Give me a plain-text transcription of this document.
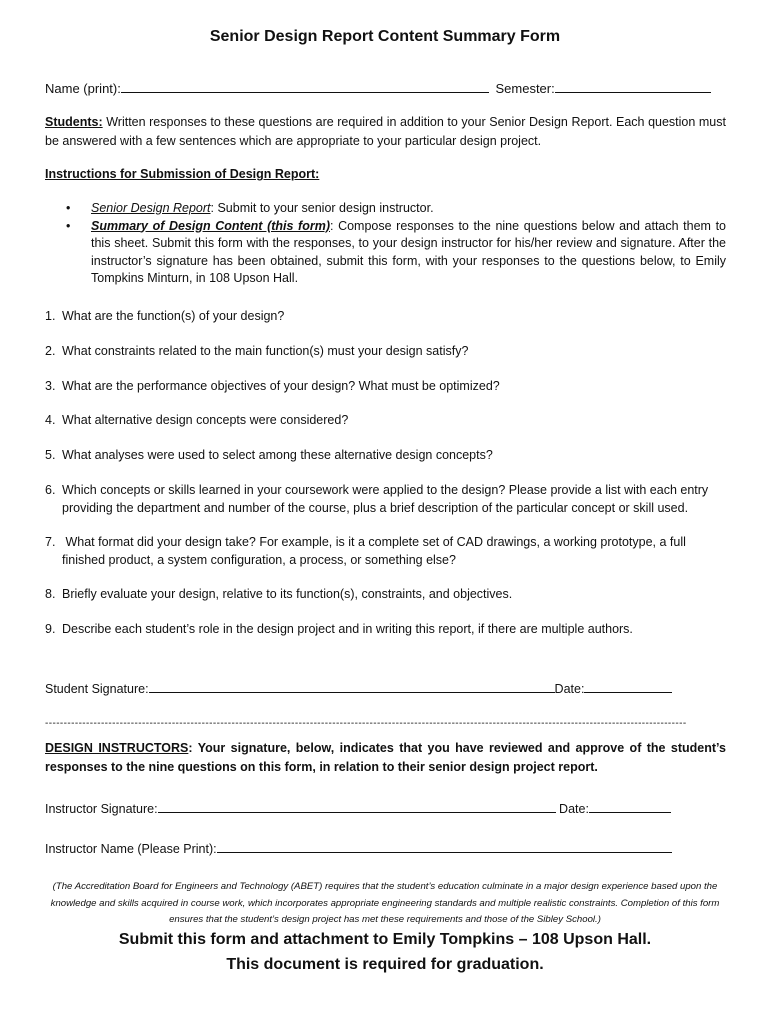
Senior Design Report Content Summary Form
Name (print):	Semester:
Students: Written responses to these questions are required in addition to your Senior Design Report. Each question must be answered with a few sentences which are appropriate to your particular design project.
Instructions for Submission of Design Report:
• Senior Design Report: Submit to your senior design instructor.
• Summary of Design Content (this form): Compose responses to the nine questions below and attach them to this sheet. Submit this form with the responses, to your design instructor for his/her review and signature. After the instructor’s signature has been obtained, submit this form, with your responses to the questions below, to Emily Tompkins Minturn, in 108 Upson Hall.
1. What are the function(s) of your design?
2. What constraints related to the main function(s) must your design satisfy?
3. What are the performance objectives of your design? What must be optimized?
4. What alternative design concepts were considered?
5. What analyses were used to select among these alternative design concepts?
6. Which concepts or skills learned in your coursework were applied to the design? Please provide a list with each entry
providing the department and number of the course, plus a brief description of the particular concept or skill used.
7. What format did your design take? For example, is it a complete set of CAD drawings, a working prototype, a full
finished product, a system configuration, a process, or something else?
8. Briefly evaluate your design, relative to its function(s), constraints, and objectives.
9. Describe each student’s role in the design project and in writing this report, if there are multiple authors.
Student Signature:	Date:
----------------------------------------------------------------------------------------------------------------------------------------------------------------------------
DESIGN INSTRUCTORS: Your signature, below, indicates that you have reviewed and approve of the student’s responses to the nine questions on this form, in relation to their senior design project report.
Instructor Signature:	Date:
Instructor Name (Please Print):
(The Accreditation Board for Engineers and Technology (ABET) requires that the student’s education culminate in a major design experience based upon the knowledge and skills acquired in course work, which incorporates appropriate engineering standards and multiple realistic constraints. Completion of this form ensures that the student’s design project has met these requirements and those of the Sibley School.)
Submit this form and attachment to Emily Tompkins – 108 Upson Hall.
This document is required for graduation.
